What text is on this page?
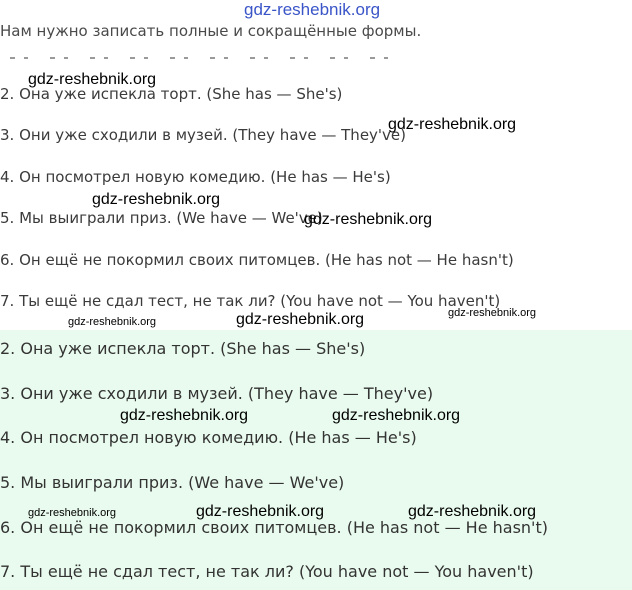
Нам нужно записать полные и сокращённые формы.
2. Она уже испекла торт. (She has — She's)
3. Они уже сходили в музей. (They have — They've)
4. Он посмотрел новую комедию. (He has — He's)
5. Мы выиграли приз. (We have — We've)
6. Он ещё не покормил своих питомцев. (He has not — He hasn't)
7. Ты ещё не сдал тест, не так ли? (You have not — You haven't)
2. Она уже испекла торт. (She has — She's)
3. Они уже сходили в музей. (They have — They've)
4. Он посмотрел новую комедию. (He has — He's)
5. Мы выиграли приз. (We have — We've)
6. Он ещё не покормил своих питомцев. (He has not — He hasn't)
7. Ты ещё не сдал тест, не так ли? (You have not — You haven't)
gdz-reshebnik.org
gdz-reshebnik.org
gdz-reshebnik.org
gdz-reshebnik.org
gdz-reshebnik.org
gdz-reshebnik.org	gdz-reshebnik.org	gdz-reshebnik.org
gdz-reshebnik.org	gdz-reshebnik.org
gdz-reshebnik.org	gdz-reshebnik.org	gdz-reshebnik.org
